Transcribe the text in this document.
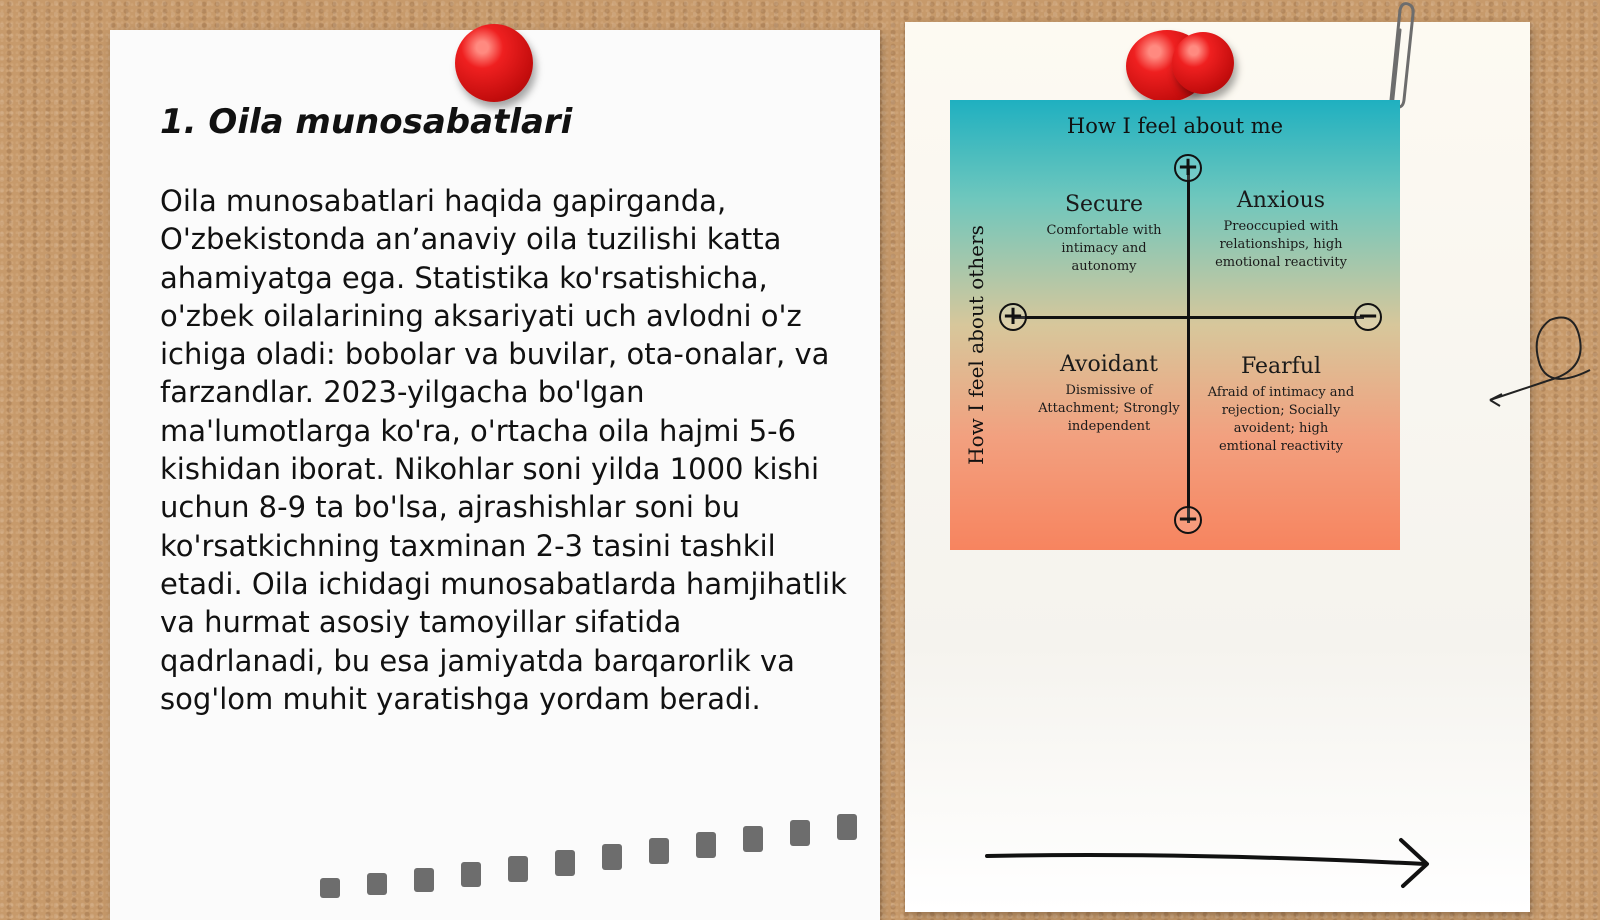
1. Oila munosabatlari

Oila munosabatlari haqida gapirganda, O'zbekistonda an’anaviy oila tuzilishi katta ahamiyatga ega. Statistika ko'rsatishicha, o'zbek oilalarining aksariyati uch avlodni o'z ichiga oladi: bobolar va buvilar, ota-onalar, va farzandlar. 2023-yilgacha bo'lgan ma'lumotlarga ko'ra, o'rtacha oila hajmi 5-6 kishidan iborat. Nikohlar soni yilda 1000 kishi uchun 8-9 ta bo'lsa, ajrashishlar soni bu ko'rsatkichning taxminan 2-3 tasini tashkil etadi. Oila ichidagi munosabatlarda hamjihatlik va hurmat asosiy tamoyillar sifatida qadrlanadi, bu esa jamiyatda barqarorlik va sog'lom muhit yaratishga yordam beradi.

How I feel about me
How I feel about others
+
−
+	−
Secure
Comfortable with intimacy and autonomy
Anxious
Preoccupied with relationships, high emotional reactivity
Avoidant
Dismissive of Attachment; Strongly independent
Fearful
Afraid of intimacy and rejection; Socially avoident; high emtional reactivity
